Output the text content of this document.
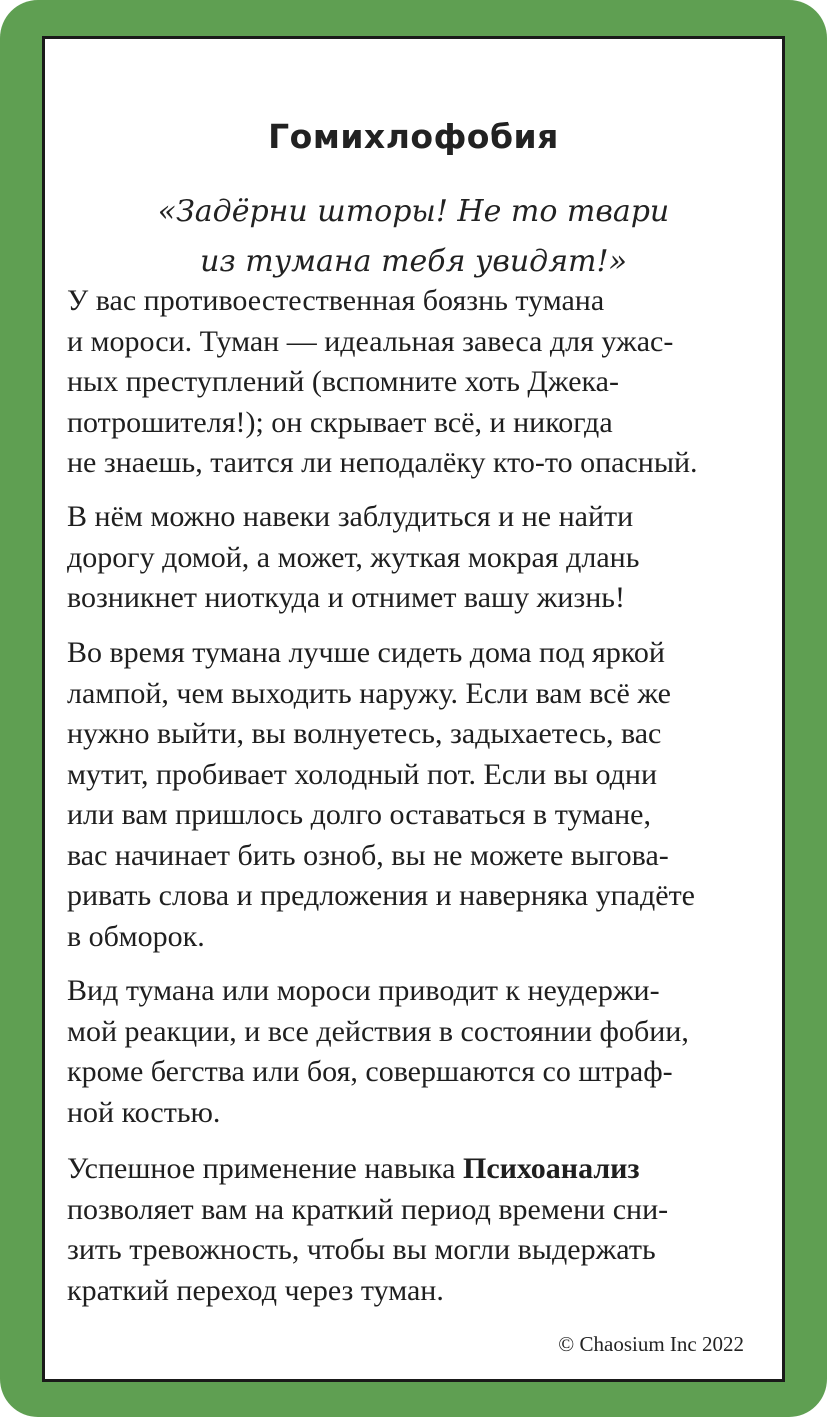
Гомихлофобия
«Задёрни шторы! Не то твари
из тумана тебя увидят!»
У вас противоестественная боязнь тумана
и мороси. Туман — идеальная завеса для ужас-
ных преступлений (вспомните хоть Джека-
потрошителя!); он скрывает всё, и никогда
не знаешь, таится ли неподалёку кто-то опасный.
В нём можно навеки заблудиться и не найти
дорогу домой, а может, жуткая мокрая длань
возникнет ниоткуда и отнимет вашу жизнь!
Во время тумана лучше сидеть дома под яркой
лампой, чем выходить наружу. Если вам всё же
нужно выйти, вы волнуетесь, задыхаетесь, вас
мутит, пробивает холодный пот. Если вы одни
или вам пришлось долго оставаться в тумане,
вас начинает бить озноб, вы не можете выгова-
ривать слова и предложения и наверняка упадёте
в обморок.
Вид тумана или мороси приводит к неудержи-
мой реакции, и все действия в состоянии фобии,
кроме бегства или боя, совершаются со штраф-
ной костью.
Успешное применение навыка Психоанализ
позволяет вам на краткий период времени сни-
зить тревожность, чтобы вы могли выдержать
краткий переход через туман.
© Chaosium Inc 2022
